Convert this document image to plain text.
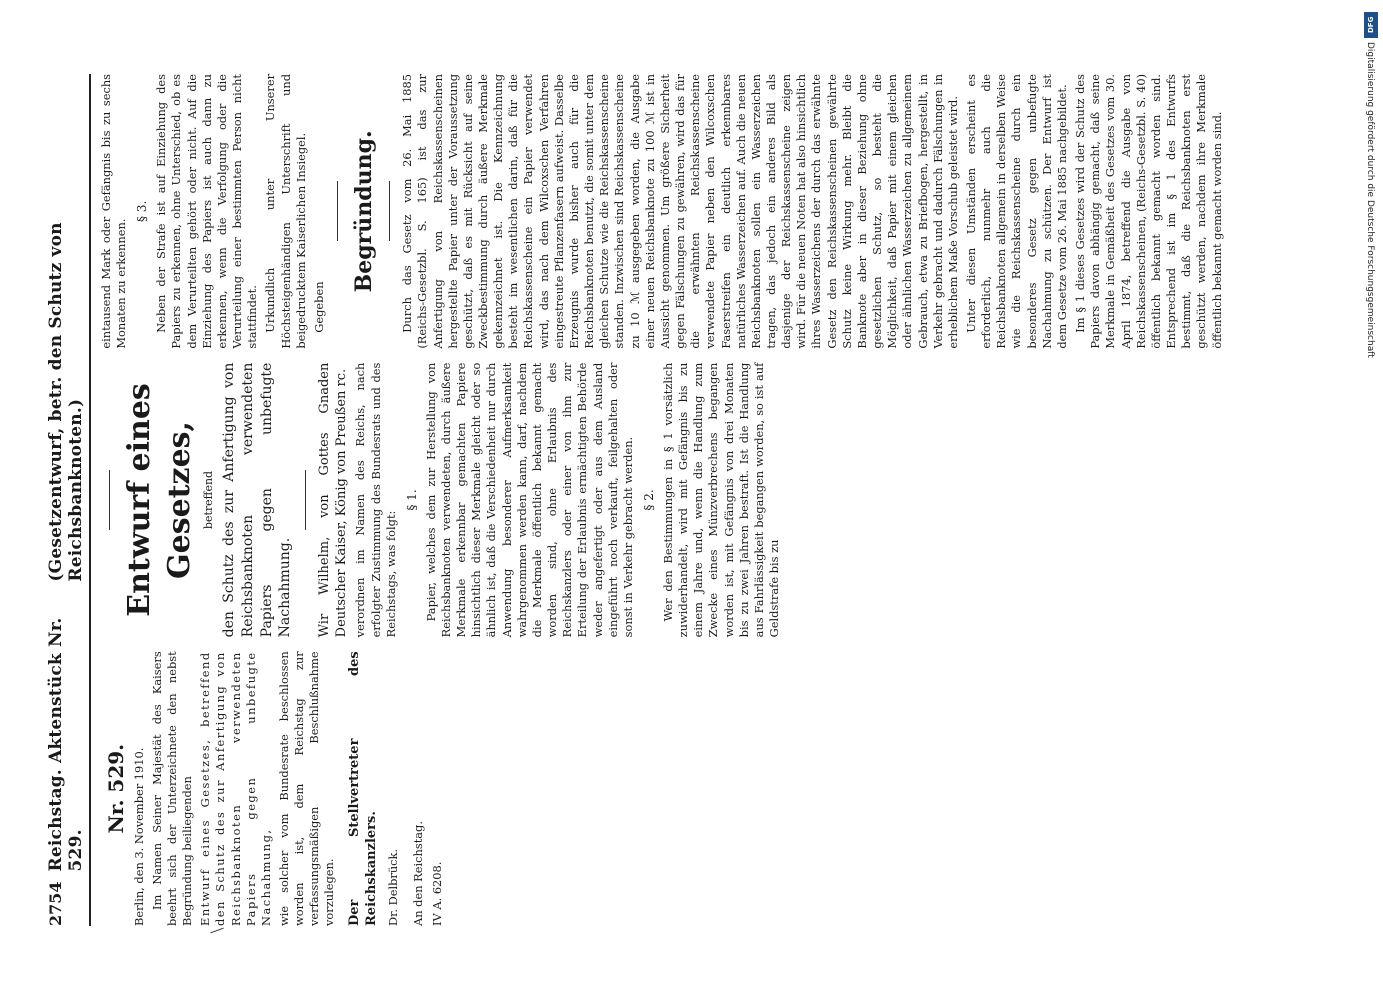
2754
Reichstag. Aktenstück Nr. 529.
(Gesetzentwurf, betr. den Schutz von Reichsbanknoten.)
Nr. 529. Berlin, den 3. November 1910. Im Namen Seiner Majestät des Kaisers beehrt sich der Unterzeichnete den nebst Begründung beiliegenden Entwurf eines Gesetzes, betreffend den Schutz des zur Anfertigung von Reichsbanknoten verwendeten Papiers gegen unbefugte Nachahmung, wie solcher vom Bundesrate beschlossen worden ist, dem Reichstag zur verfassungsmäßigen Beschlußnahme vorzulegen. Der Stellvertreter des Reichskanzlers. Dr. Delbrück. An den Reichstag. IV A. 6208.

Entwurf eines Gesetzes, betreffend den Schutz des zur Anfertigung von Reichsbanknoten verwendeten Papiers gegen unbefugte Nachahmung. Wir Wilhelm, von Gottes Gnaden Deutscher Kaiser, König von Preußen rc. verordnen im Namen des Reichs, nach erfolgter Zustimmung des Bundesrats und des Reichstags, was folgt:

§ 1. Papier, welches dem zur Herstellung von Reichsbanknoten verwendeten, durch äußere Merkmale erkennbar gemachten Papiere hinsichtlich dieser Merkmale gleicht oder so ähnlich ist, daß die Verschiedenheit nur durch Anwendung besonderer Aufmerksamkeit wahrgenommen werden kann, darf, nachdem die Merkmale öffentlich bekannt gemacht worden sind, ohne Erlaubnis des Reichskanzlers oder einer von ihm zur Erteilung der Erlaubnis ermächtigten Behörde weder angefertigt oder aus dem Ausland eingeführt noch verkauft, feilgehalten oder sonst in Verkehr gebracht werden. § 2. Wer den Bestimmungen in § 1 vorsätzlich zuwiderhandelt, wird mit Gefängnis bis zu einem Jahre und, wenn die Handlung zum Zwecke eines Münzverbrechens begangen worden ist, mit Gefängnis von drei Monaten bis zu zwei Jahren bestraft. Ist die Handlung aus Fahrlässigkeit begangen worden, so ist auf Geldstrafe bis zu

eintausend Mark oder Gefängnis bis zu sechs Monaten zu erkennen.

§ 3. Neben der Strafe ist auf Einziehung des Papiers zu erkennen, ohne Unterschied, ob es dem Verurteilten gehört oder nicht. Auf die Einziehung des Papiers ist auch dann zu erkennen, wenn die Verfolgung oder die Verurteilung einer bestimmten Person nicht stattfindet. Urkundlich unter Unserer Höchsteigenhändigen Unterschrift und beigedrucktem Kaiserlichen Insiegel. Gegeben

Begründung. Durch das Gesetz vom 26. Mai 1885 (Reichs-Gesetzbl. S. 165) ist das zur Anfertigung von Reichskassenscheinen hergestellte Papier unter der Voraussetzung geschützt, daß es mit Rücksicht auf seine Zweckbestimmung durch äußere Merkmale gekennzeichnet ist. Die Kennzeichnung besteht im wesentlichen darin, daß für die Reichskassenscheine ein Papier verwendet wird, das nach dem Wilcoxschen Verfahren eingestreute Pflanzenfasern aufweist. Dasselbe Erzeugnis wurde bisher auch für die Reichsbanknoten benutzt, die somit unter dem gleichen Schutze wie die Reichskassenscheine standen. Inzwischen sind Reichskassenscheine zu 10 ℳ ausgegeben worden, die Ausgabe einer neuen Reichsbanknote zu 100 ℳ ist in Aussicht genommen. Um größere Sicherheit gegen Fälschungen zu gewähren, wird das für die erwähnten Reichskassenscheine verwendete Papier neben den Wilcoxschen Faserstreifen ein deutlich erkennbares natürliches Wasserzeichen auf. Auch die neuen Reichsbanknoten sollen ein Wasserzeichen tragen, das jedoch ein anderes Bild als dasjenige der Reichskassenscheine zeigen wird. Für die neuen Noten hat also hinsichtlich ihres Wasserzeichens der durch das erwähnte Gesetz den Reichskassenscheinen gewährte Schutz keine Wirkung mehr. Bleibt die Banknote aber in dieser Beziehung ohne gesetzlichen Schutz, so besteht die Möglichkeit, daß Papier mit einem gleichen oder ähnlichen Wasserzeichen zu allgemeinem Gebrauch, etwa zu Briefbogen, hergestellt, in Verkehr gebracht und dadurch Fälschungen in erheblichem Maße Vorschub geleistet wird. Unter diesen Umständen erscheint es erforderlich, nunmehr auch die Reichsbanknoten allgemein in derselben Weise wie die Reichskassenscheine durch ein besonderes Gesetz gegen unbefugte Nachahmung zu schützen. Der Entwurf ist dem Gesetze vom 26. Mai 1885 nachgebildet. Im § 1 dieses Gesetzes wird der Schutz des Papiers davon abhängig gemacht, daß seine Merkmale in Gemäßheit des Gesetzes vom 30. April 1874, betreffend die Ausgabe von Reichskassenscheinen, (Reichs-Gesetzbl. S. 40) öffentlich bekannt gemacht worden sind. Entsprechend ist im § 1 des Entwurfs bestimmt, daß die Reichsbanknoten erst geschützt werden, nachdem ihre Merkmale öffentlich bekannt gemacht worden sind.

DFG
Digitalisierung gefördert durch die Deutsche Forschungsgemeinschaft
